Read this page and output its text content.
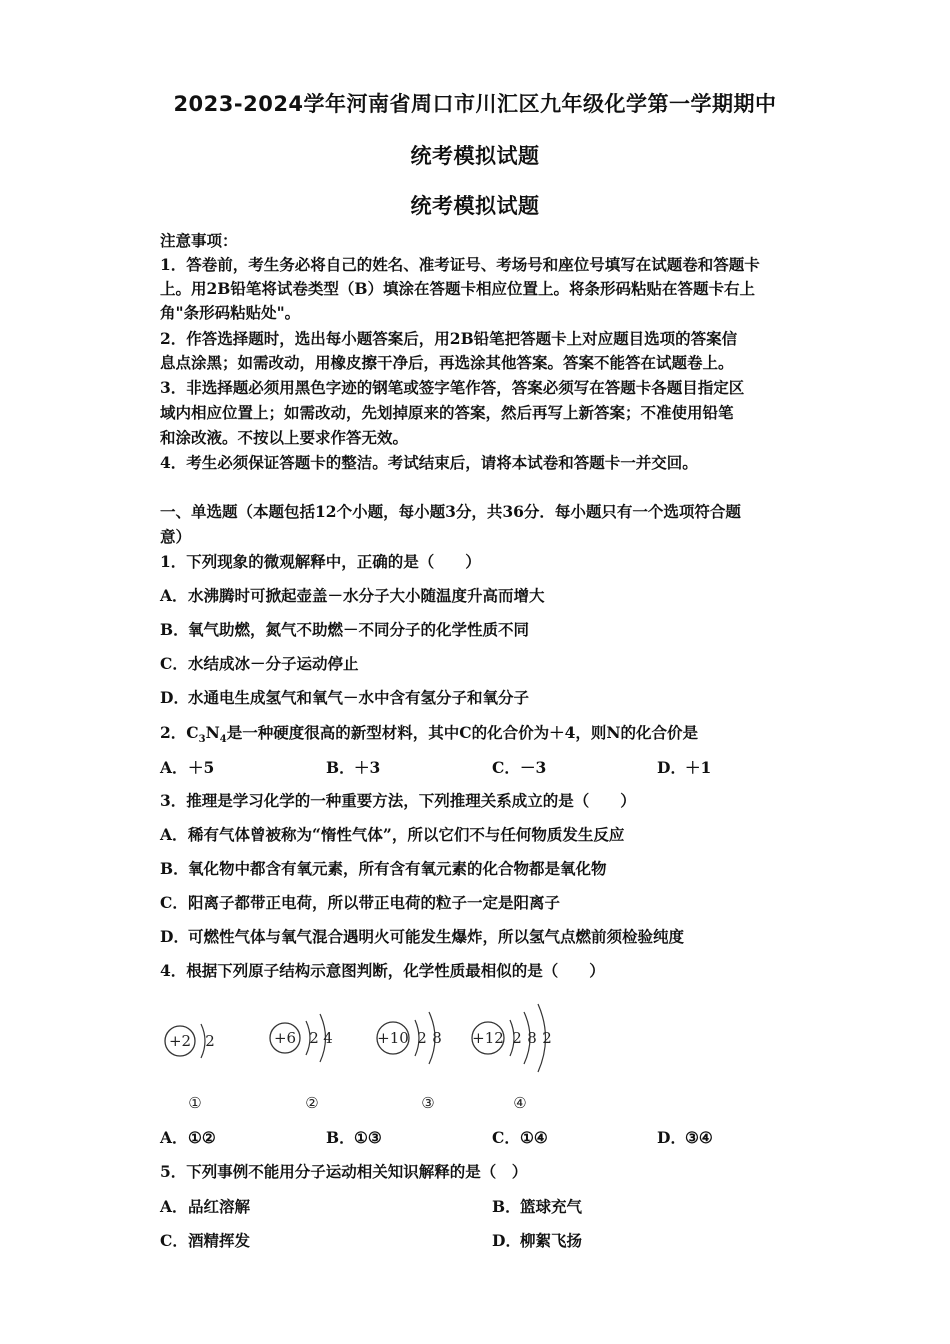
2023-2024学年河南省周口市川汇区九年级化学第一学期期中
统考模拟试题
统考模拟试题
注意事项：
1．答卷前，考生务必将自己的姓名、准考证号、考场号和座位号填写在试题卷和答题卡
上。用2B铅笔将试卷类型（B）填涂在答题卡相应位置上。将条形码粘贴在答题卡右上
角"条形码粘贴处"。
2．作答选择题时，选出每小题答案后，用2B铅笔把答题卡上对应题目选项的答案信
息点涂黑；如需改动，用橡皮擦干净后，再选涂其他答案。答案不能答在试题卷上。
3．非选择题必须用黑色字迹的钢笔或签字笔作答，答案必须写在答题卡各题目指定区
域内相应位置上；如需改动，先划掉原来的答案，然后再写上新答案；不准使用铅笔
和涂改液。不按以上要求作答无效。
4．考生必须保证答题卡的整洁。考试结束后，请将本试卷和答题卡一并交回。
一、单选题（本题包括12个小题，每小题3分，共36分．每小题只有一个选项符合题
意）
1．下列现象的微观解释中，正确的是（　　）
A．水沸腾时可掀起壶盖－水分子大小随温度升高而增大
B．氧气助燃，氮气不助燃－不同分子的化学性质不同
C．水结成冰－分子运动停止
D．水通电生成氢气和氧气－水中含有氢分子和氧分子
2．$C_3N_4$是一种硬度很高的新型材料，其中C的化合价为＋4，则N的化合价是
A．＋5	B．＋3	C．－3	D．＋1
3．推理是学习化学的一种重要方法，下列推理关系成立的是（　　）
A．稀有气体曾被称为“惰性气体”，所以它们不与任何物质发生反应
B．氧化物中都含有氧元素，所有含有氧元素的化合物都是氧化物
C．阳离子都带正电荷，所以带正电荷的粒子一定是阳离子
D．可燃性气体与氧气混合遇明火可能发生爆炸，所以氢气点燃前须检验纯度
4．根据下列原子结构示意图判断，化学性质最相似的是（　　）
+2 2
①
+6 2 4
②
+10 2 8
③
+12 2 8 2
④
A．①②	B．①③	C．①④	D．③④
5．下列事例不能用分子运动相关知识解释的是（　）
A．品红溶解	B．篮球充气
C．酒精挥发	D．柳絮飞扬
